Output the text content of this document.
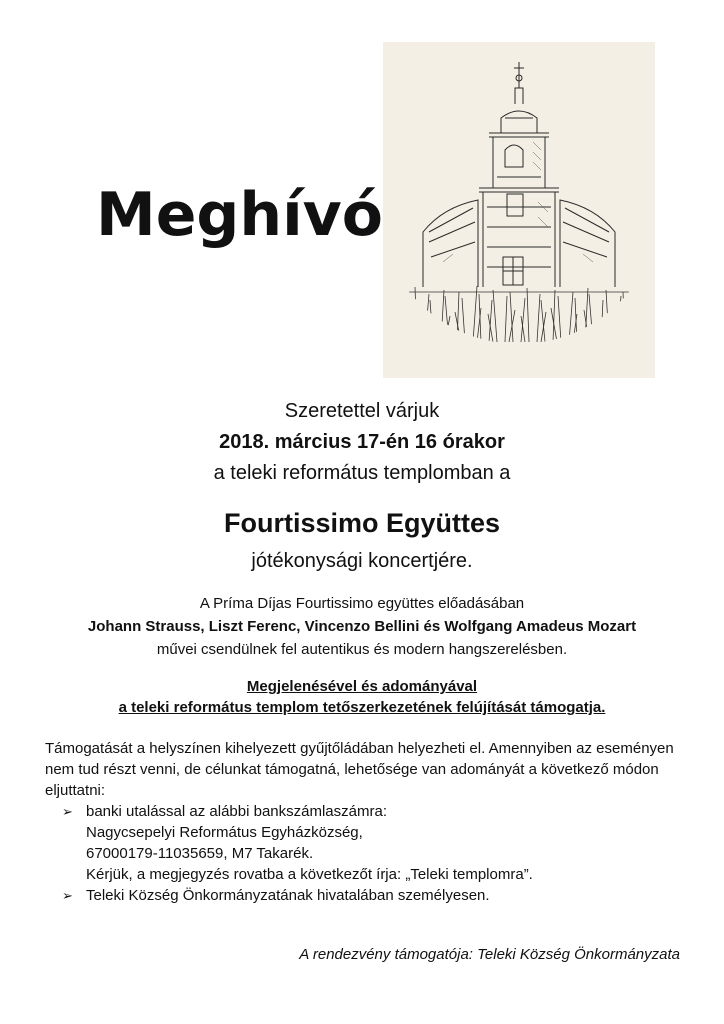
Meghívó
Szeretettel várjuk
2018. március 17-én 16 órakor
a teleki református templomban a
Fourtissimo Együttes
jótékonysági koncertjére.
A Príma Díjas Fourtissimo együttes előadásában
Johann Strauss, Liszt Ferenc, Vincenzo Bellini és Wolfgang Amadeus Mozart
művei csendülnek fel autentikus és modern hangszerelésben.
Megjelenésével és adományával
a teleki református templom tetőszerkezetének felújítását támogatja.
Támogatását a helyszínen kihelyezett gyűjtőládában helyezheti el. Amennyiben az eseményen nem tud részt venni, de célunkat támogatná, lehetősége van adományát a következő módon eljuttatni:
➢ banki utalással az alábbi bankszámlaszámra:
Nagycsepelyi Református Egyházközség,
67000179-11035659, M7 Takarék.
Kérjük, a megjegyzés rovatba a következőt írja: „Teleki templomra”.
➢ Teleki Község Önkormányzatának hivatalában személyesen.
A rendezvény támogatója: Teleki Község Önkormányzata
